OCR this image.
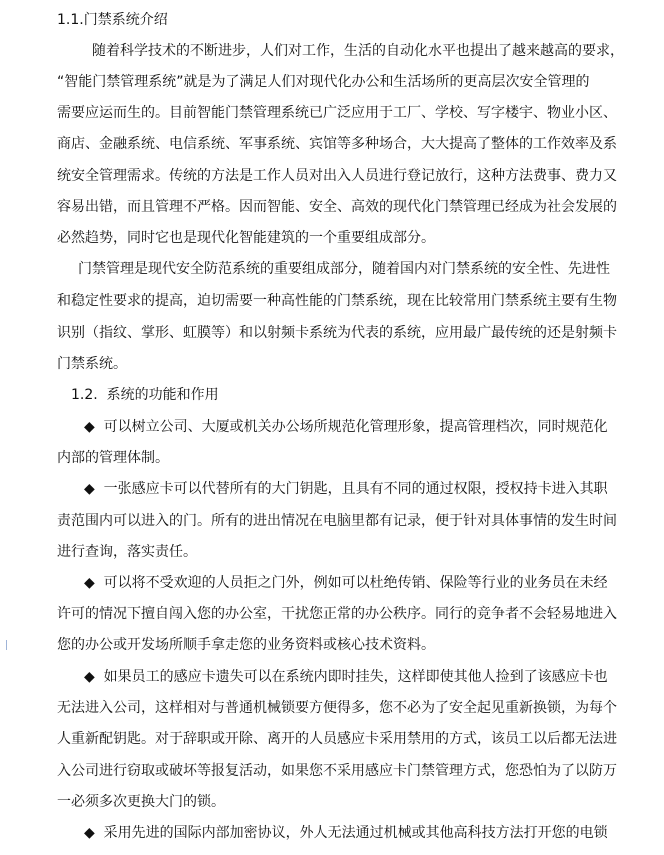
1.1.门禁系统介绍
随着科学技术的不断进步，人们对工作，生活的自动化水平也提出了越来越高的要求，
“智能门禁管理系统”就是为了满足人们对现代化办公和生活场所的更高层次安全管理的
需要应运而生的。目前智能门禁管理系统已广泛应用于工厂、学校、写字楼宇、物业小区、
商店、金融系统、电信系统、军事系统、宾馆等多种场合，大大提高了整体的工作效率及系
统安全管理需求。传统的方法是工作人员对出入人员进行登记放行，这种方法费事、费力又
容易出错，而且管理不严格。因而智能、安全、高效的现代化门禁管理已经成为社会发展的
必然趋势，同时它也是现代化智能建筑的一个重要组成部分。
门禁管理是现代安全防范系统的重要组成部分，随着国内对门禁系统的安全性、先进性
和稳定性要求的提高，迫切需要一种高性能的门禁系统，现在比较常用门禁系统主要有生物
识别（指纹、掌形、虹膜等）和以射频卡系统为代表的系统，应用最广最传统的还是射频卡
门禁系统。
1.2.  系统的功能和作用
◆  可以树立公司、大厦或机关办公场所规范化管理形象，提高管理档次，同时规范化
内部的管理体制。
◆  一张感应卡可以代替所有的大门钥匙，且具有不同的通过权限，授权持卡进入其职
责范围内可以进入的门。所有的进出情况在电脑里都有记录，便于针对具体事情的发生时间
进行查询，落实责任。
◆  可以将不受欢迎的人员拒之门外，例如可以杜绝传销、保险等行业的业务员在未经
许可的情况下擅自闯入您的办公室，干扰您正常的办公秩序。同行的竞争者不会轻易地进入
您的办公或开发场所顺手拿走您的业务资料或核心技术资料。
◆  如果员工的感应卡遗失可以在系统内即时挂失，这样即使其他人捡到了该感应卡也
无法进入公司，这样相对与普通机械锁要方便得多，您不必为了安全起见重新换锁，为每个
人重新配钥匙。对于辞职或开除、离开的人员感应卡采用禁用的方式，该员工以后都无法进
入公司进行窃取或破坏等报复活动，如果您不采用感应卡门禁管理方式，您恐怕为了以防万
一必须多次更换大门的锁。
◆  采用先进的国际内部加密协议，外人无法通过机械或其他高科技方法打开您的电锁
